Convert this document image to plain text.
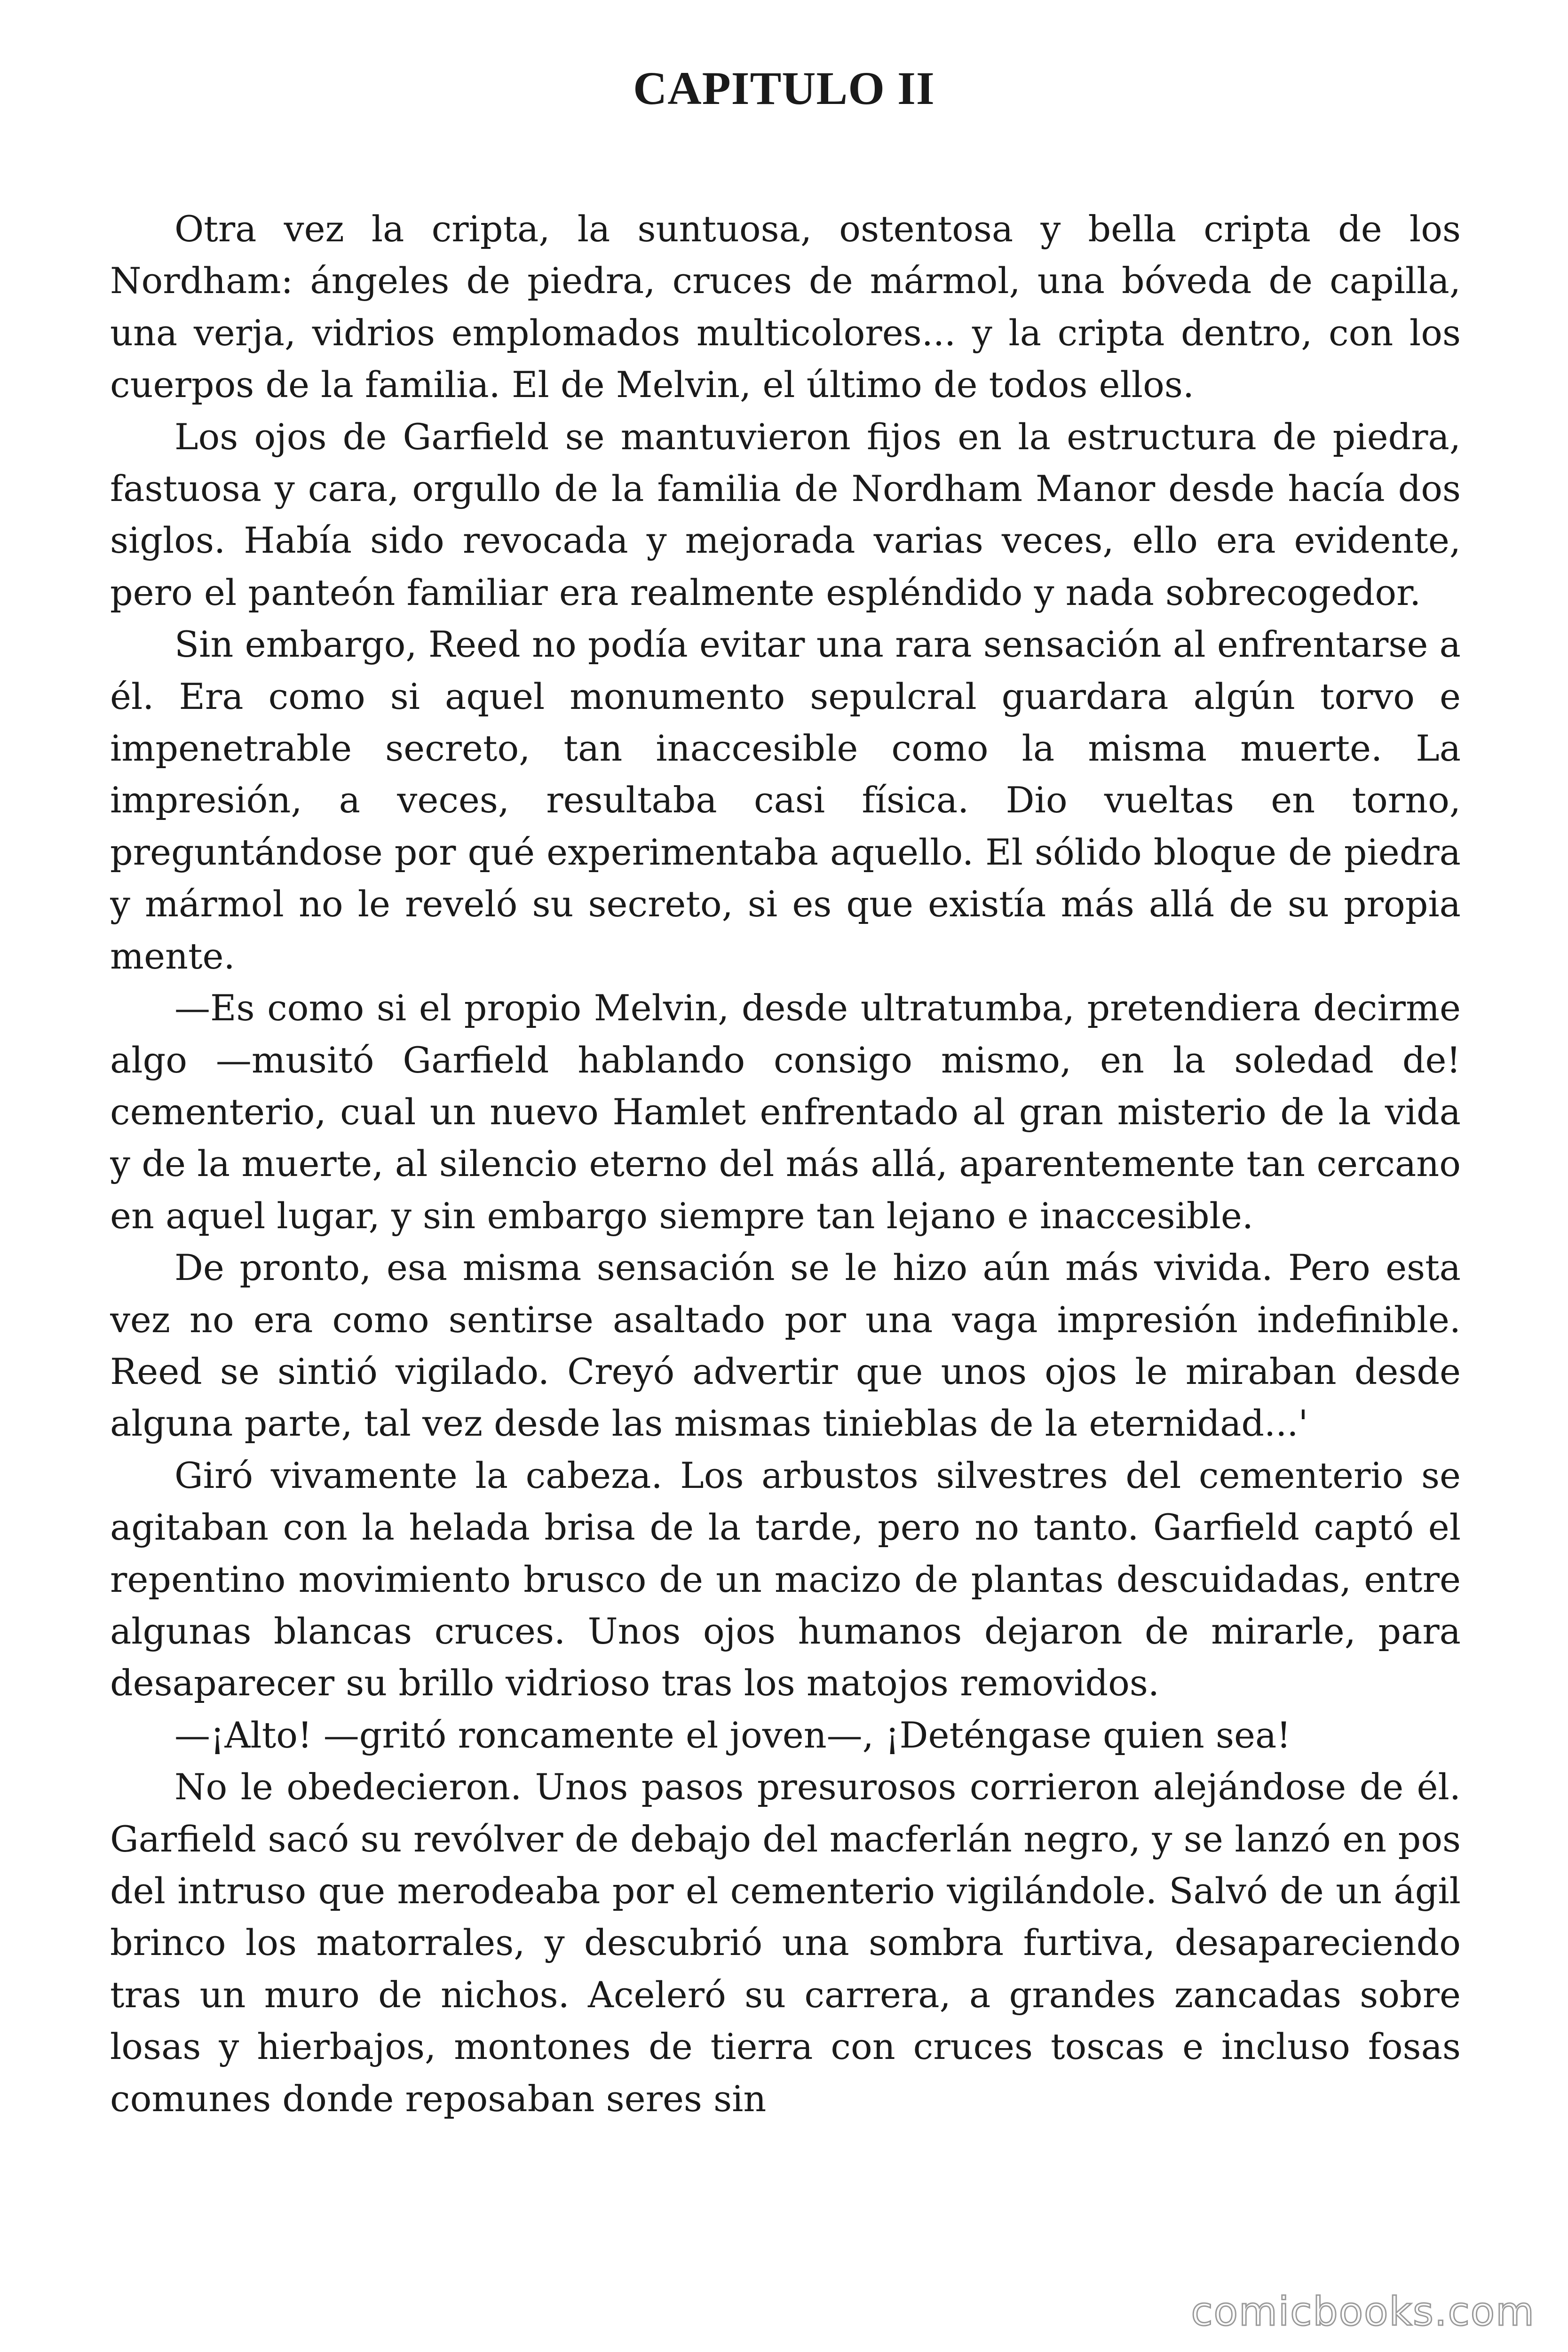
CAPITULO II

Otra vez la cripta, la suntuosa, ostentosa y bella cripta de los Nordham: ángeles de piedra, cruces de mármol, una bóveda de capilla, una verja, vidrios emplomados multicolores... y la cripta dentro, con los cuerpos de la familia. El de Melvin, el último de todos ellos.

Los ojos de Garfield se mantuvieron fijos en la estructura de piedra, fastuosa y cara, orgullo de la familia de Nordham Manor desde hacía dos siglos. Había sido revocada y mejorada varias veces, ello era evidente, pero el panteón familiar era realmente espléndido y nada sobrecogedor.

Sin embargo, Reed no podía evitar una rara sensación al enfrentarse a él. Era como si aquel monumento sepulcral guardara algún torvo e impenetrable secreto, tan inaccesible como la misma muerte. La impresión, a veces, resultaba casi física. Dio vueltas en torno, preguntándose por qué experimentaba aquello. El sólido bloque de piedra y mármol no le reveló su secreto, si es que existía más allá de su propia mente.

—Es como si el propio Melvin, desde ultratumba, pretendiera decirme algo —musitó Garfield hablando consigo mismo, en la soledad de! cementerio, cual un nuevo Hamlet enfrentado al gran misterio de la vida y de la muerte, al silencio eterno del más allá, aparentemente tan cercano en aquel lugar, y sin embargo siempre tan lejano e inaccesible.

De pronto, esa misma sensación se le hizo aún más vivida. Pero esta vez no era como sentirse asaltado por una vaga impresión indefinible. Reed se sintió vigilado. Creyó advertir que unos ojos le miraban desde alguna parte, tal vez desde las mismas tinieblas de la eternidad...'

Giró vivamente la cabeza. Los arbustos silvestres del cementerio se agitaban con la helada brisa de la tarde, pero no tanto. Garfield captó el repentino movimiento brusco de un macizo de plantas descuidadas, entre algunas blancas cruces. Unos ojos humanos dejaron de mirarle, para desaparecer su brillo vidrioso tras los matojos removidos.

—¡Alto! —gritó roncamente el joven—, ¡Deténgase quien sea!

No le obedecieron. Unos pasos presurosos corrieron alejándose de él. Garfield sacó su revólver de debajo del macferlán negro, y se lanzó en pos del intruso que merodeaba por el cementerio vigilándole. Salvó de un ágil brinco los matorrales, y descubrió una sombra furtiva, desapareciendo tras un muro de nichos. Aceleró su carrera, a grandes zancadas sobre losas y hierbajos, montones de tierra con cruces toscas e incluso fosas comunes donde reposaban seres sin

comicbooks.com
